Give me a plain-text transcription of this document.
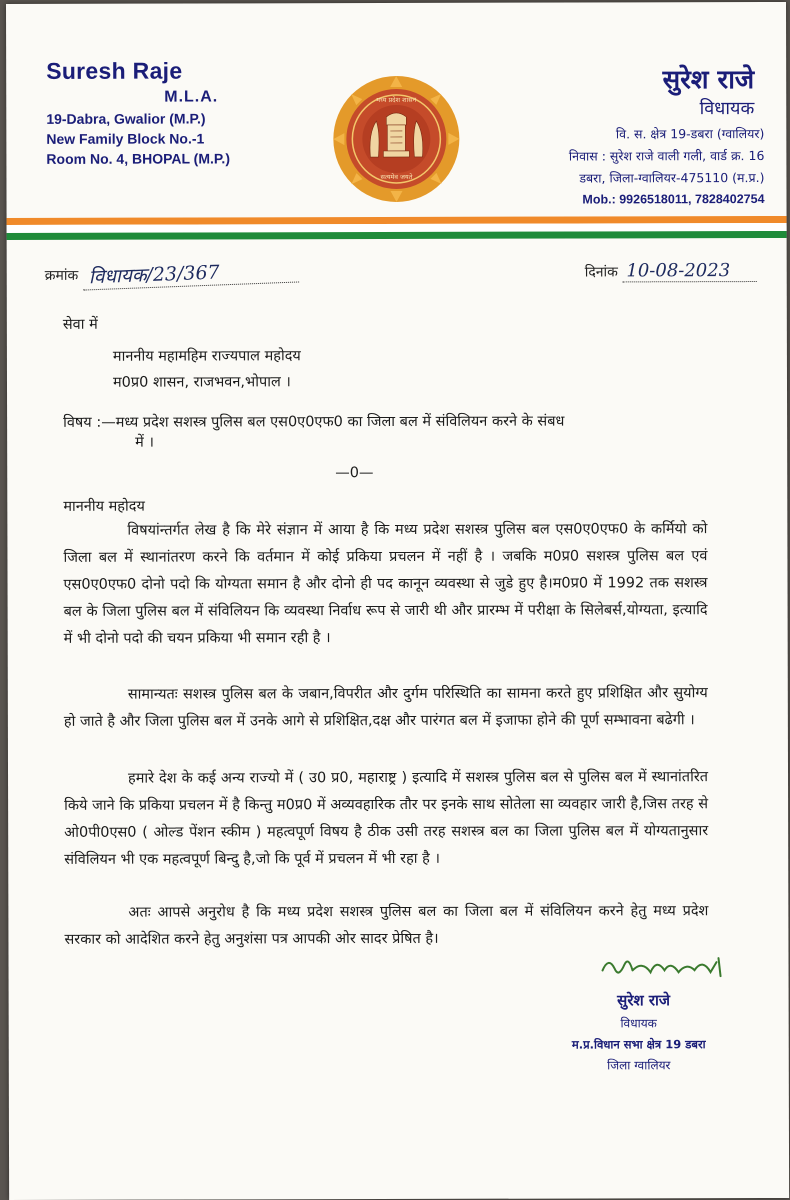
Suresh Raje
M.L.A.
19-Dabra, Gwalior (M.P.)
New Family Block No.-1
Room No. 4, BHOPAL (M.P.)
मध्य प्रदेश शासन
सत्यमेव जयते
सुरेश राजे
विधायक
वि. स. क्षेत्र 19-डबरा (ग्वालियर)
निवास : सुरेश राजे वाली गली, वार्ड क्र. 16
डबरा, जिला-ग्वालियर-475110 (म.प्र.)
Mob.: 9926518011, 7828402754
क्रमांक विधायक/23/367	दिनांक 10-08-2023
सेवा में
माननीय महामहिम राज्यपाल महोदय
म0प्र0 शासन, राजभवन,भोपाल ।
विषय :—मध्य प्रदेश सशस्त्र पुलिस बल एस0ए0एफ0 का जिला बल में संविलियन करने के संबध
में ।
—0—
माननीय महोदय
विषयांन्तर्गत लेख है कि मेरे संज्ञान में आया है कि मध्य प्रदेश सशस्त्र पुलिस बल एस0ए0एफ0 के कर्मियो को जिला बल में स्थानांतरण करने कि वर्तमान में कोई प्रकिया प्रचलन में नहीं है । जबकि म0प्र0 सशस्त्र पुलिस बल एवं एस0ए0एफ0 दोनो पदो कि योग्यता समान है और दोनो ही पद कानून व्यवस्था से जुडे हुए है।म0प्र0 में 1992 तक सशस्त्र बल के जिला पुलिस बल में संविलियन कि व्यवस्था निर्वाध रूप से जारी थी और प्रारम्भ में परीक्षा के सिलेबर्स,योग्यता, इत्यादि में भी दोनो पदो की चयन प्रकिया भी समान रही है ।
सामान्यतः सशस्त्र पुलिस बल के जबान,विपरीत और दुर्गम परिस्थिति का सामना करते हुए प्रशिक्षित और सुयोग्य हो जाते है और जिला पुलिस बल में उनके आगे से प्रशिक्षित,दक्ष और पारंगत बल में इजाफा होने की पूर्ण सम्भावना बढेगी ।
हमारे देश के कई अन्य राज्यो में ( उ0 प्र0, महाराष्ट्र ) इत्यादि में सशस्त्र पुलिस बल से पुलिस बल में स्थानांतरित किये जाने कि प्रकिया प्रचलन में है किन्तु म0प्र0 में अव्यवहारिक तौर पर इनके साथ सोतेला सा व्यवहार जारी है,जिस तरह से ओ0पी0एस0 ( ओल्ड पेंशन स्कीम ) महत्वपूर्ण विषय है ठीक उसी तरह सशस्त्र बल का जिला पुलिस बल में योग्यतानुसार संविलियन भी एक महत्वपूर्ण बिन्दु है,जो कि पूर्व में प्रचलन में भी रहा है ।
अतः आपसे अनुरोध है कि मध्य प्रदेश सशस्त्र पुलिस बल का जिला बल में संविलियन करने हेतु मध्य प्रदेश सरकार को आदेशित करने हेतु अनुशंसा पत्र आपकी ओर सादर प्रेषित है।
सुरेश राजे
विधायक
म.प्र.विधान सभा क्षेत्र 19 डबरा
जिला ग्वालियर
